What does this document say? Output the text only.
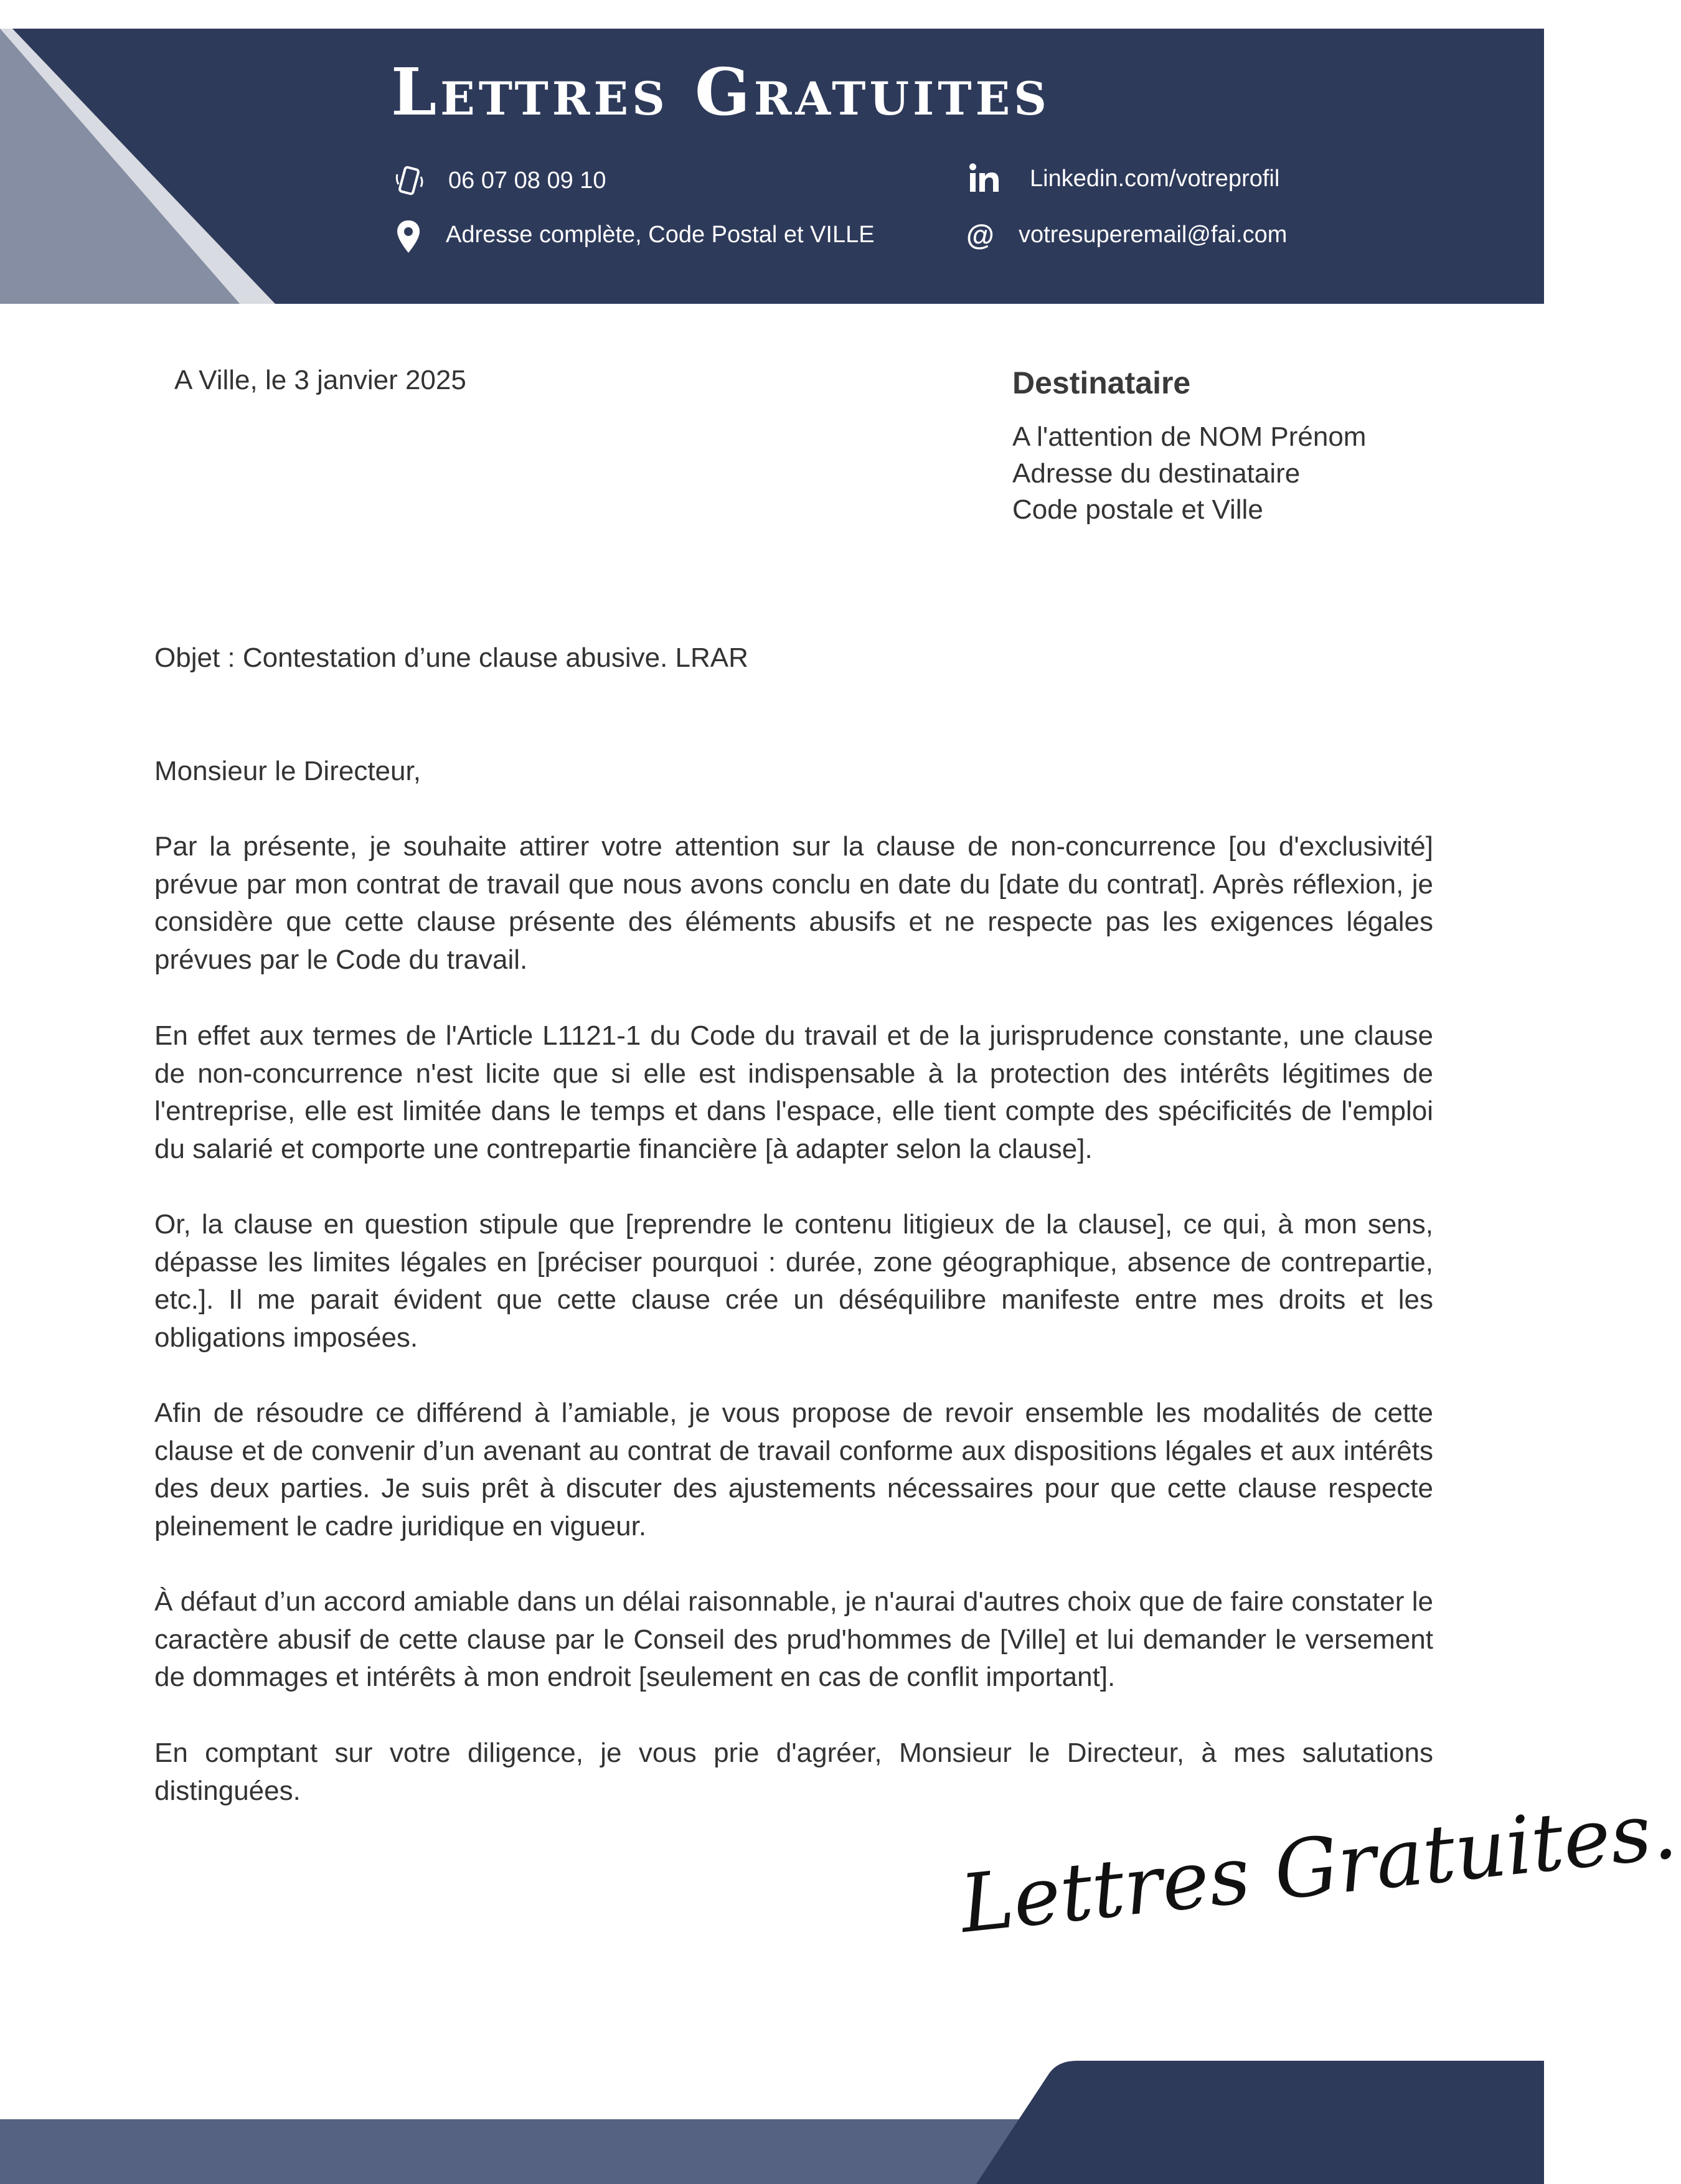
Lettres Gratuites
06 07 08 09 10
Adresse complète, Code Postal et VILLE
Linkedin.com/votreprofil
@ votresuperemail@fai.com
A Ville, le 3 janvier 2025	Destinataire
A l'attention de NOM Prénom
Adresse du destinataire
Code postale et Ville
Objet : Contestation d’une clause abusive. LRAR
Monsieur le Directeur,

Par la présente, je souhaite attirer votre attention sur la clause de non-concurrence [ou d'exclusivité] prévue par mon contrat de travail que nous avons conclu en date du [date du contrat]. Après réflexion, je considère que cette clause présente des éléments abusifs et ne respecte pas les exigences légales prévues par le Code du travail.

En effet aux termes de l'Article L1121-1 du Code du travail et de la jurisprudence constante, une clause de non-concurrence n'est licite que si elle est indispensable à la protection des intérêts légitimes de l'entreprise, elle est limitée dans le temps et dans l'espace, elle tient compte des spécificités de l'emploi du salarié et comporte une contrepartie financière [à adapter selon la clause].

Or, la clause en question stipule que [reprendre le contenu litigieux de la clause], ce qui, à mon sens, dépasse les limites légales en [préciser pourquoi : durée, zone géographique, absence de contrepartie, etc.]. Il me parait évident que cette clause crée un déséquilibre manifeste entre mes droits et les obligations imposées.

Afin de résoudre ce différend à l’amiable, je vous propose de revoir ensemble les modalités de cette clause et de convenir d’un avenant au contrat de travail conforme aux dispositions légales et aux intérêts des deux parties. Je suis prêt à discuter des ajustements nécessaires pour que cette clause respecte pleinement le cadre juridique en vigueur.

À défaut d’un accord amiable dans un délai raisonnable, je n'aurai d'autres choix que de faire constater le caractère abusif de cette clause par le Conseil des prud'hommes de [Ville] et lui demander le versement de dommages et intérêts à mon endroit [seulement en cas de conflit important].

En comptant sur votre diligence, je vous prie d'agréer, Monsieur le Directeur, à mes salutations distinguées.	Lettres Gratuites.
